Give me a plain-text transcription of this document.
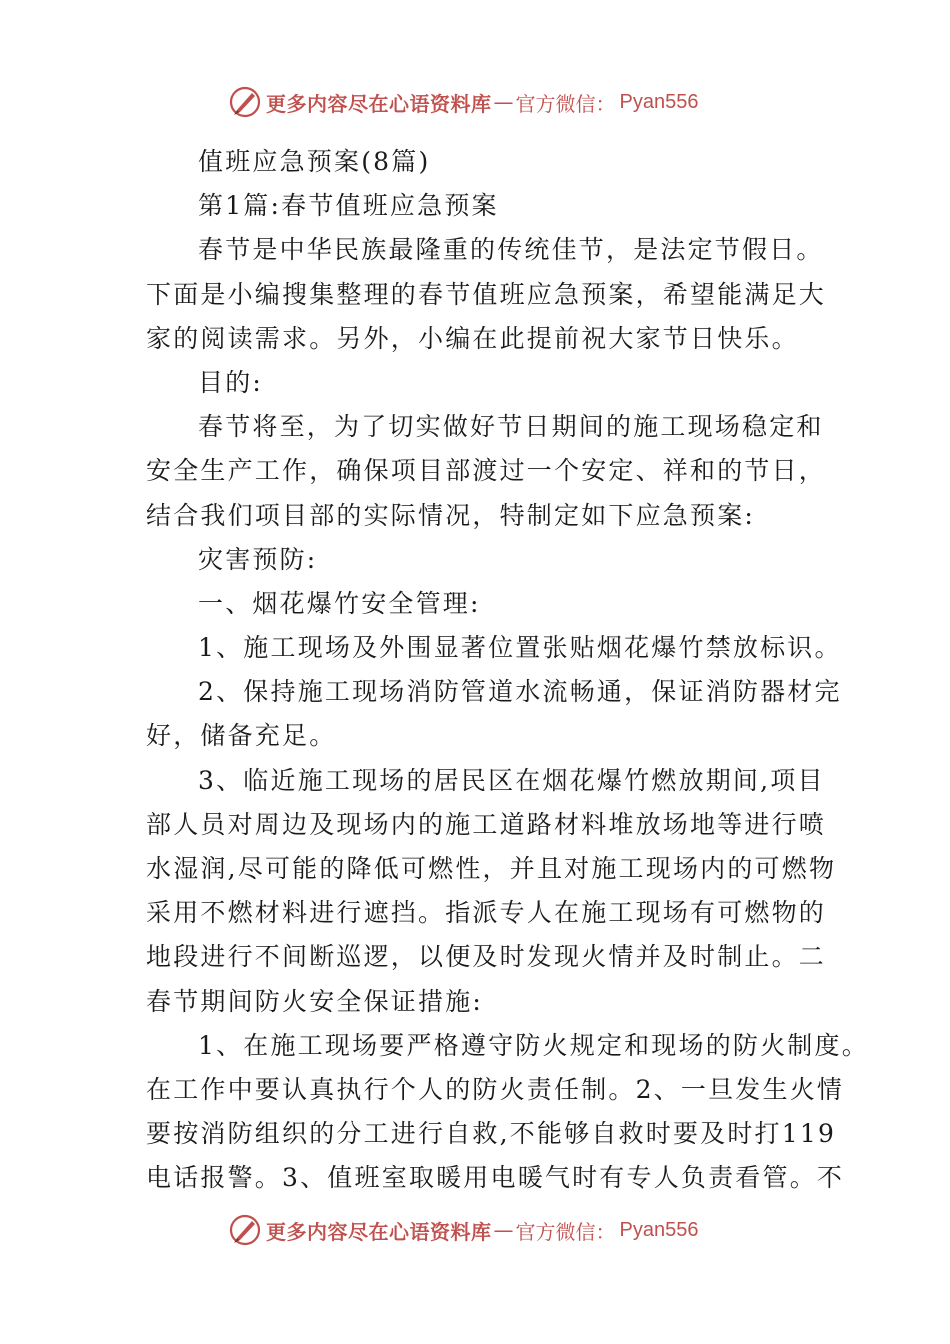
更多内容尽在心语资料库 — 官方微信： Pyan556
值班应急预案(8篇)
第1篇:春节值班应急预案
春节是中华民族最隆重的传统佳节，是法定节假日。
下面是小编搜集整理的春节值班应急预案，希望能满足大
家的阅读需求。另外，小编在此提前祝大家节日快乐。
目的:
春节将至，为了切实做好节日期间的施工现场稳定和
安全生产工作，确保项目部渡过一个安定、祥和的节日，
结合我们项目部的实际情况，特制定如下应急预案:
灾害预防:
一、烟花爆竹安全管理:
1、施工现场及外围显著位置张贴烟花爆竹禁放标识。
2、保持施工现场消防管道水流畅通，保证消防器材完
好，储备充足。
3、临近施工现场的居民区在烟花爆竹燃放期间,项目
部人员对周边及现场内的施工道路材料堆放场地等进行喷
水湿润,尽可能的降低可燃性，并且对施工现场内的可燃物
采用不燃材料进行遮挡。指派专人在施工现场有可燃物的
地段进行不间断巡逻，以便及时发现火情并及时制止。二
春节期间防火安全保证措施:
1、在施工现场要严格遵守防火规定和现场的防火制度。
在工作中要认真执行个人的防火责任制。2、一旦发生火情
要按消防组织的分工进行自救,不能够自救时要及时打119
电话报警。3、值班室取暖用电暖气时有专人负责看管。不
更多内容尽在心语资料库 — 官方微信： Pyan556
